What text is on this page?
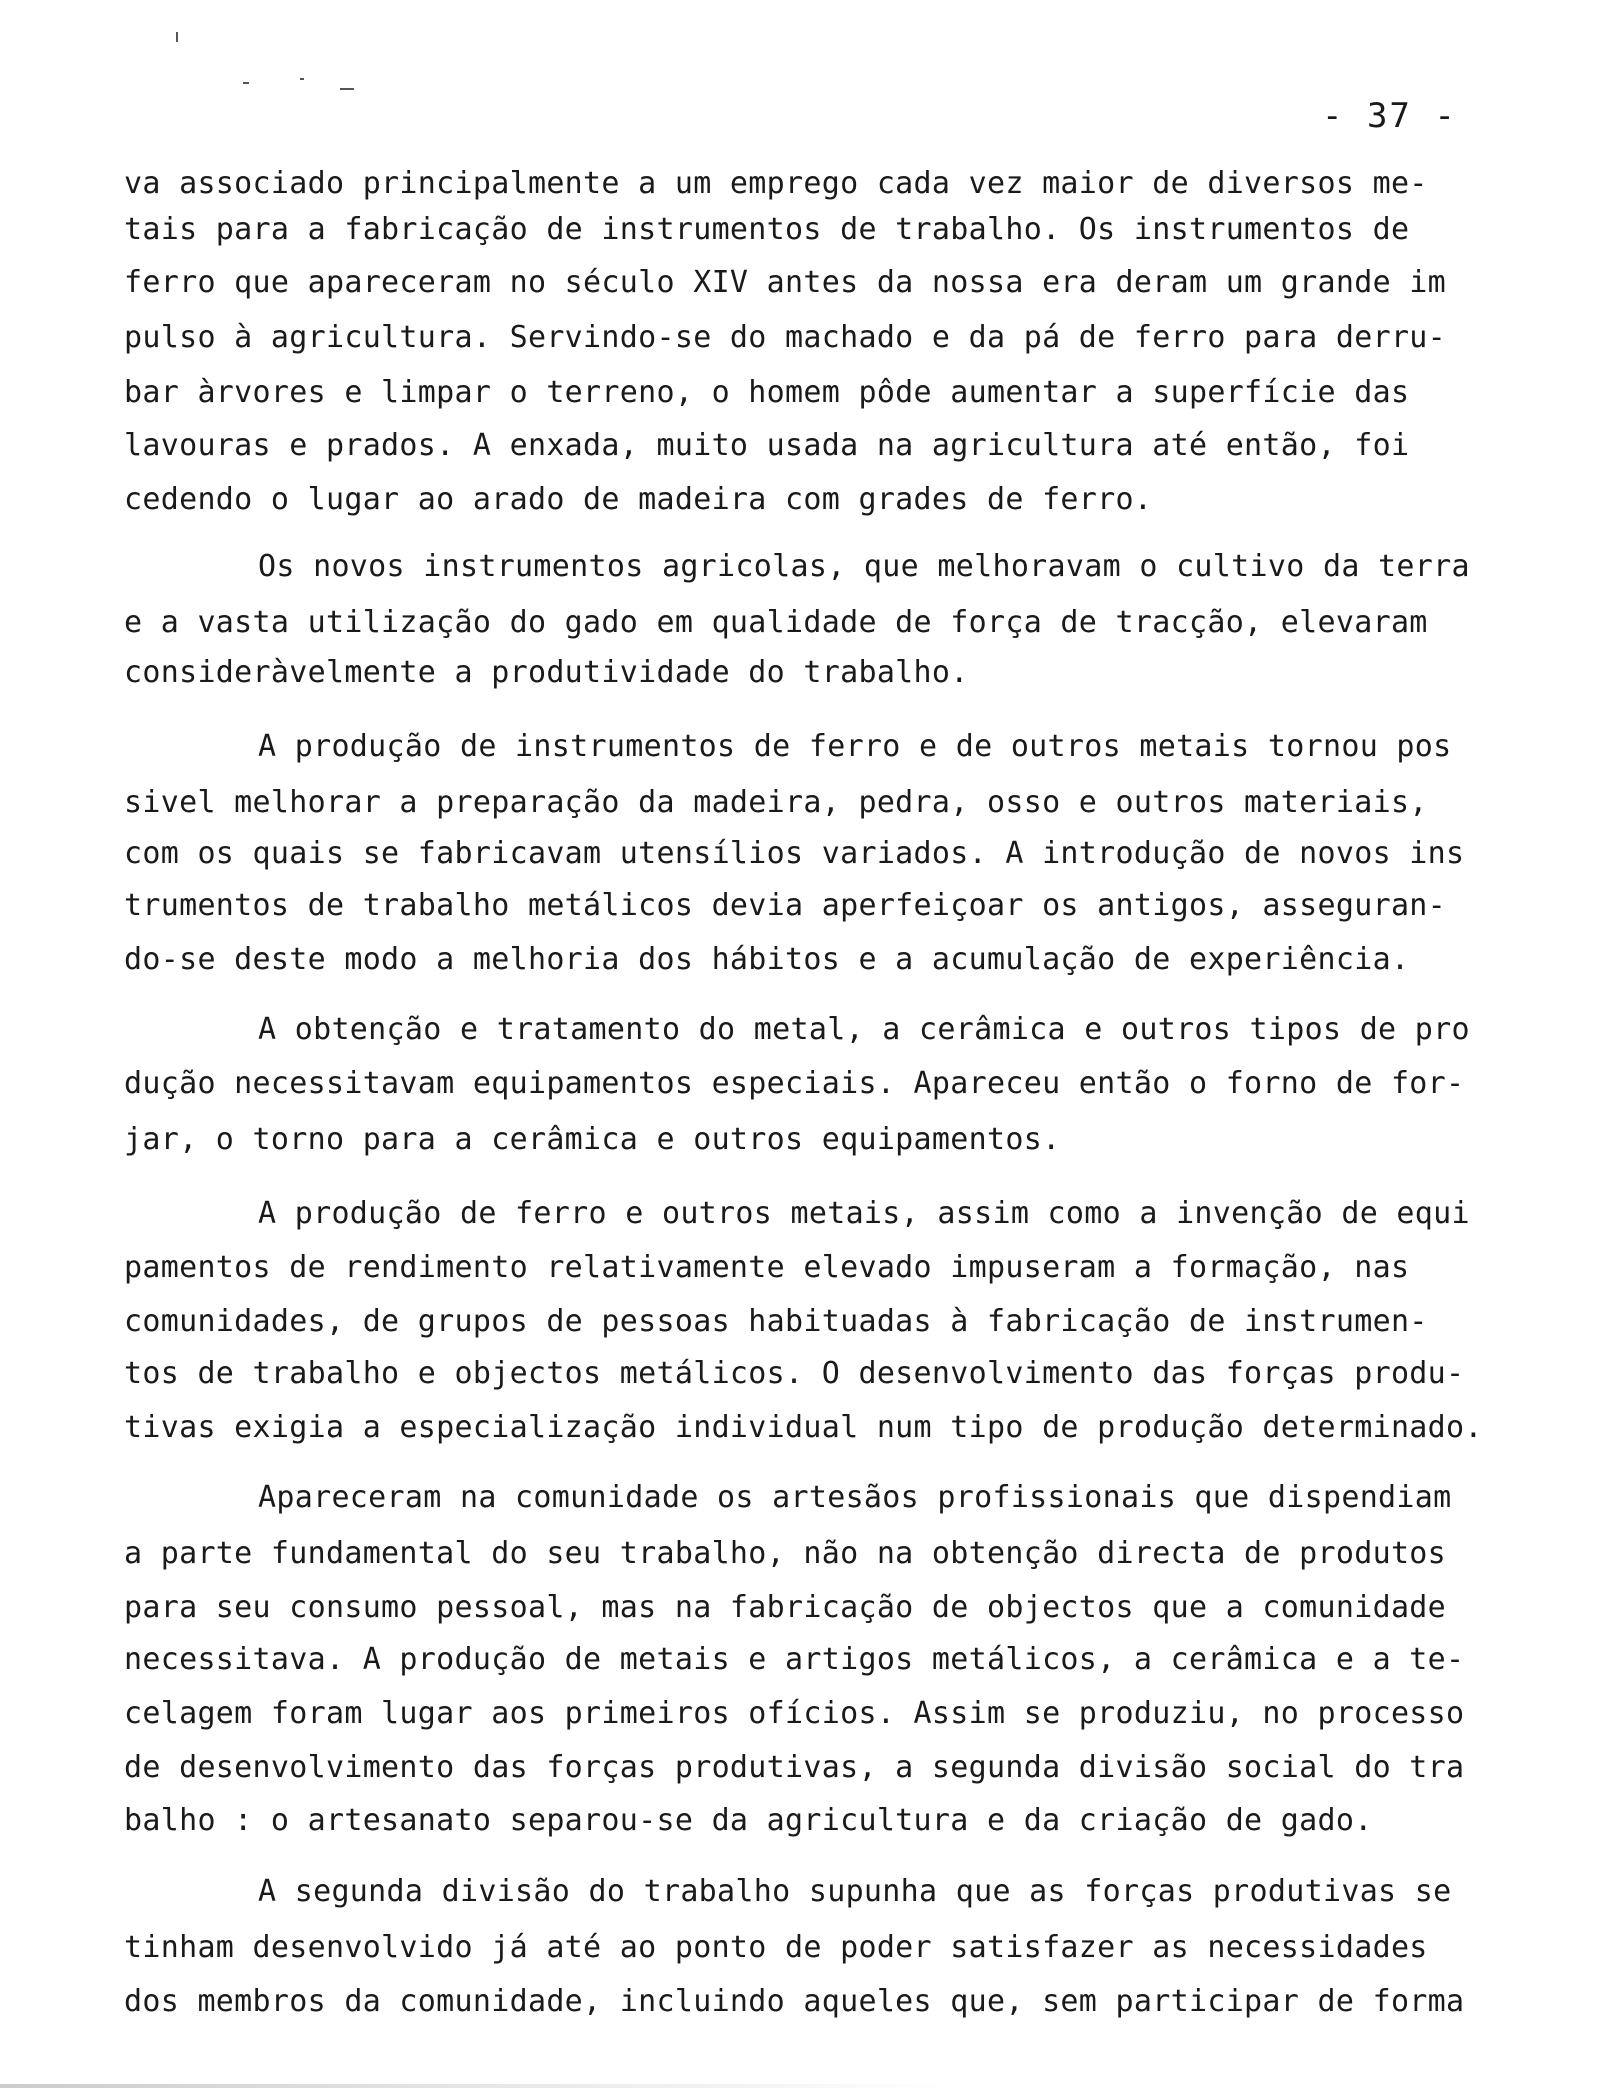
- 37 -
va associado principalmente a um emprego cada vez maior de diversos me-
tais para a fabricação de instrumentos de trabalho. Os instrumentos de
ferro que apareceram no século XIV antes da nossa era deram um grande im
pulso à agricultura. Servindo-se do machado e da pá de ferro para derru-
bar àrvores e limpar o terreno, o homem pôde aumentar a superfície das
lavouras e prados. A enxada, muito usada na agricultura até então, foi
cedendo o lugar ao arado de madeira com grades de ferro.
Os novos instrumentos agricolas, que melhoravam o cultivo da terra
e a vasta utilização do gado em qualidade de força de tracção, elevaram
consideràvelmente a produtividade do trabalho.
A produção de instrumentos de ferro e de outros metais tornou pos
sivel melhorar a preparação da madeira, pedra, osso e outros materiais,
com os quais se fabricavam utensílios variados. A introdução de novos ins
trumentos de trabalho metálicos devia aperfeiçoar os antigos, asseguran-
do-se deste modo a melhoria dos hábitos e a acumulação de experiência.
A obtenção e tratamento do metal, a cerâmica e outros tipos de pro
dução necessitavam equipamentos especiais. Apareceu então o forno de for-
jar, o torno para a cerâmica e outros equipamentos.
A produção de ferro e outros metais, assim como a invenção de equi
pamentos de rendimento relativamente elevado impuseram a formação, nas
comunidades, de grupos de pessoas habituadas à fabricação de instrumen-
tos de trabalho e objectos metálicos. O desenvolvimento das forças produ-
tivas exigia a especialização individual num tipo de produção determinado.
Apareceram na comunidade os artesãos profissionais que dispendiam
a parte fundamental do seu trabalho, não na obtenção directa de produtos
para seu consumo pessoal, mas na fabricação de objectos que a comunidade
necessitava. A produção de metais e artigos metálicos, a cerâmica e a te-
celagem foram lugar aos primeiros ofícios. Assim se produziu, no processo
de desenvolvimento das forças produtivas, a segunda divisão social do tra
balho : o artesanato separou-se da agricultura e da criação de gado.
A segunda divisão do trabalho supunha que as forças produtivas se
tinham desenvolvido já até ao ponto de poder satisfazer as necessidades
dos membros da comunidade, incluindo aqueles que, sem participar de forma
